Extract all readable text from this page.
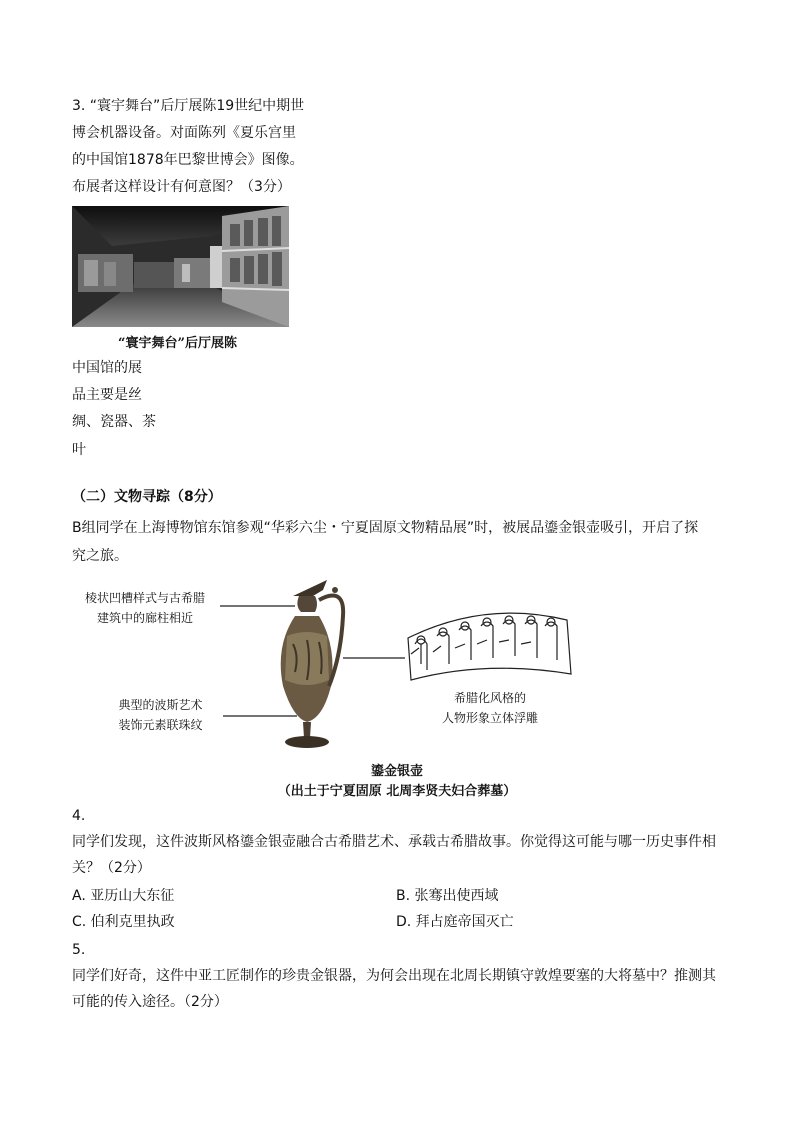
3. “寰宇舞台”后厅展陈19世纪中期世
博会机器设备。对面陈列《夏乐宫里
的中国馆1878年巴黎世博会》图像。
布展者这样设计有何意图？（3分）
“寰宇舞台”后厅展陈
中国馆的展
品主要是丝
绸、瓷器、茶
叶
（二）文物寻踪（8分）
B组同学在上海博物馆东馆参观“华彩六尘・宁夏固原文物精品展”时，被展品鎏金银壶吸引，开启了探
究之旅。
棱状凹槽样式与古希腊
建筑中的廊柱相近
典型的波斯艺术
装饰元素联珠纹
希腊化风格的
人物形象立体浮雕
鎏金银壶
（出土于宁夏固原 北周李贤夫妇合葬墓）
4.
同学们发现，这件波斯风格鎏金银壶融合古希腊艺术、承载古希腊故事。你觉得这可能与哪一历史事件相
关？（2分）
A. 亚历山大东征	B. 张骞出使西域
C. 伯利克里执政	D. 拜占庭帝国灭亡
5.
同学们好奇，这件中亚工匠制作的珍贵金银器，为何会出现在北周长期镇守敦煌要塞的大将墓中？推测其
可能的传入途径。（2分）
